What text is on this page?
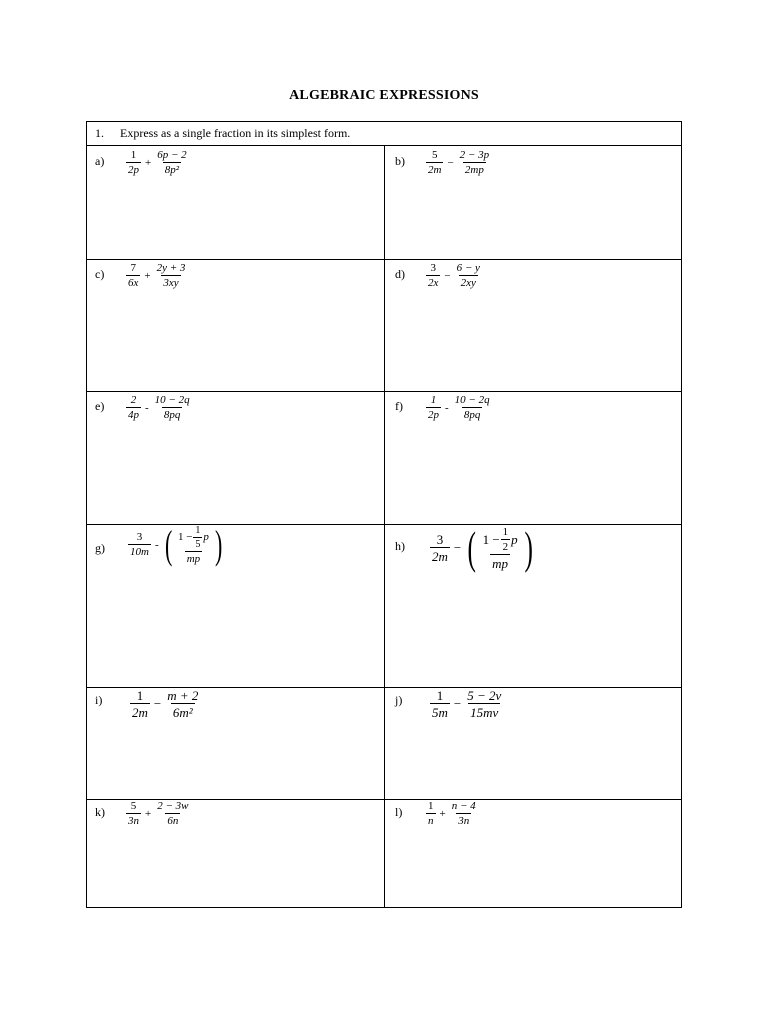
ALGEBRAIC EXPRESSIONS
1. Express as a single fraction in its simplest form.
$a) \frac{1}{2p} + \frac{6p - 2}{\text{8p²}}$	$b) \frac{5}{2m} - \frac{2 - 3p}{2mp}$
$c) \frac{7}{6x} + \frac{2y + 3}{3xy}$	$d) \frac{3}{2x} - \frac{6 - y}{2xy}$
$e) \frac{2}{4p} - \frac{10 - 2q}{8pq}$	$f) \frac{1}{2p} - \frac{10 - 2q}{8pq}$
$g) \frac{3}{10m}$ - ( $\frac{1 - \frac{1}{5} p}{mp}$ )	$h) \frac{3}{2m}$ − ( $\frac{1 - \frac{1}{2} p}{mp}$ )
$i) \frac{1}{2m} - \frac{m + 2}{\text{6m²}}$	$j) \frac{1}{5m} - \frac{5 - 2v}{15mv}$
$k) \frac{5}{3n} + \frac{2 - 3w}{6n}$	$l) \frac{1}{n} + \frac{n - 4}{3n}$
